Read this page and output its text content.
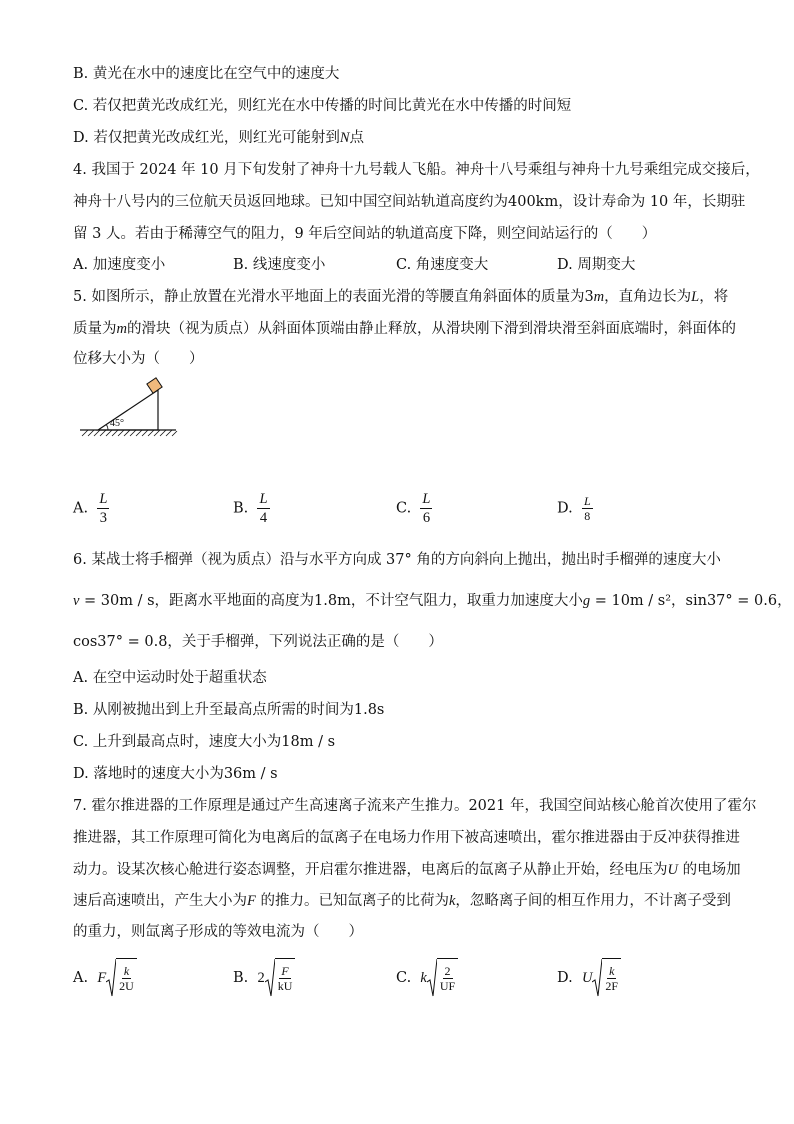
B. 黄光在水中的速度比在空气中的速度大
C. 若仅把黄光改成红光，则红光在水中传播的时间比黄光在水中传播的时间短
D. 若仅把黄光改成红光，则红光可能射到N点
4. 我国于 2024 年 10 月下旬发射了神舟十九号载人飞船。神舟十八号乘组与神舟十九号乘组完成交接后，
神舟十八号内的三位航天员返回地球。已知中国空间站轨道高度约为400km，设计寿命为 10 年，长期驻
留 3 人。若由于稀薄空气的阻力，9 年后空间站的轨道高度下降，则空间站运行的（　　）
A. 加速度变小	B. 线速度变小	C. 角速度变大	D. 周期变大
5. 如图所示，静止放置在光滑水平地面上的表面光滑的等腰直角斜面体的质量为3m，直角边长为L，将
质量为m的滑块（视为质点）从斜面体顶端由静止释放，从滑块刚下滑到滑块滑至斜面底端时，斜面体的
位移大小为（　　）
45°
A. $\frac{L}{3}$	B. $\frac{L}{4}$	C. $\frac{L}{6}$	D. $\frac{L}{8}$
6. 某战士将手榴弹（视为质点）沿与水平方向成 37° 角的方向斜向上抛出，抛出时手榴弹的速度大小
v = 30m / s，距离水平地面的高度为1.8m，不计空气阻力，取重力加速度大小g = 10m / s²，sin37° = 0.6，
cos37° = 0.8，关于手榴弹，下列说法正确的是（　　）
A. 在空中运动时处于超重状态
B. 从刚被抛出到上升至最高点所需的时间为1.8s
C. 上升到最高点时，速度大小为18m / s
D. 落地时的速度大小为36m / s
7. 霍尔推进器的工作原理是通过产生高速离子流来产生推力。2021 年，我国空间站核心舱首次使用了霍尔
推进器，其工作原理可简化为电离后的氙离子在电场力作用下被高速喷出，霍尔推进器由于反冲获得推进
动力。设某次核心舱进行姿态调整，开启霍尔推进器，电离后的氙离子从静止开始，经电压为U 的电场加
速后高速喷出，产生大小为F 的推力。已知氙离子的比荷为k，忽略离子间的相互作用力，不计离子受到
的重力，则氙离子形成的等效电流为（　　）
A. F $\frac{k}{2U}$	B. $2 \frac{F}{kU}$	C. k $\frac{2}{UF}$	D. U $\frac{k}{2F}$
